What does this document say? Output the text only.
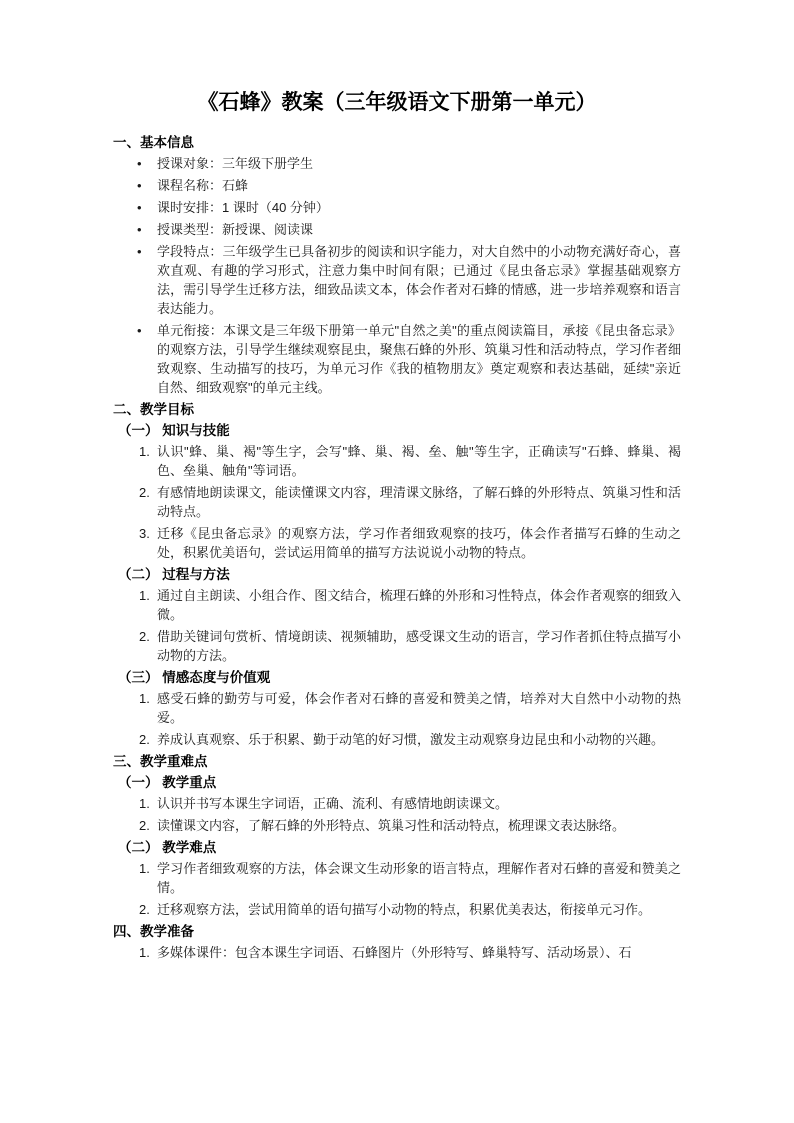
《石蜂》教案（三年级语文下册第一单元）
一、基本信息
• 授课对象：三年级下册学生
• 课程名称：石蜂
• 课时安排：1 课时（40 分钟）
• 授课类型：新授课、阅读课
• 学段特点：三年级学生已具备初步的阅读和识字能力，对大自然中的小动物充满好奇心，喜欢直观、有趣的学习形式，注意力集中时间有限；已通过《昆虫备忘录》掌握基础观察方法，需引导学生迁移方法，细致品读文本，体会作者对石蜂的情感，进一步培养观察和语言表达能力。
• 单元衔接：本课文是三年级下册第一单元"自然之美"的重点阅读篇目，承接《昆虫备忘录》的观察方法，引导学生继续观察昆虫，聚焦石蜂的外形、筑巢习性和活动特点，学习作者细致观察、生动描写的技巧，为单元习作《我的植物朋友》奠定观察和表达基础，延续"亲近自然、细致观察"的单元主线。
二、教学目标
（一） 知识与技能
1. 认识"蜂、巢、褐"等生字，会写"蜂、巢、褐、垒、触"等生字，正确读写"石蜂、蜂巢、褐色、垒巢、触角"等词语。
2. 有感情地朗读课文，能读懂课文内容，理清课文脉络，了解石蜂的外形特点、筑巢习性和活动特点。
3. 迁移《昆虫备忘录》的观察方法，学习作者细致观察的技巧，体会作者描写石蜂的生动之处，积累优美语句，尝试运用简单的描写方法说说小动物的特点。
（二） 过程与方法
1. 通过自主朗读、小组合作、图文结合，梳理石蜂的外形和习性特点，体会作者观察的细致入微。
2. 借助关键词句赏析、情境朗读、视频辅助，感受课文生动的语言，学习作者抓住特点描写小动物的方法。
（三） 情感态度与价值观
1. 感受石蜂的勤劳与可爱，体会作者对石蜂的喜爱和赞美之情，培养对大自然中小动物的热爱。
2. 养成认真观察、乐于积累、勤于动笔的好习惯，激发主动观察身边昆虫和小动物的兴趣。
三、教学重难点
（一） 教学重点
1. 认识并书写本课生字词语，正确、流利、有感情地朗读课文。
2. 读懂课文内容，了解石蜂的外形特点、筑巢习性和活动特点，梳理课文表达脉络。
（二） 教学难点
1. 学习作者细致观察的方法，体会课文生动形象的语言特点，理解作者对石蜂的喜爱和赞美之情。
2. 迁移观察方法，尝试用简单的语句描写小动物的特点，积累优美表达，衔接单元习作。
四、教学准备
1. 多媒体课件：包含本课生字词语、石蜂图片（外形特写、蜂巢特写、活动场景）、石
